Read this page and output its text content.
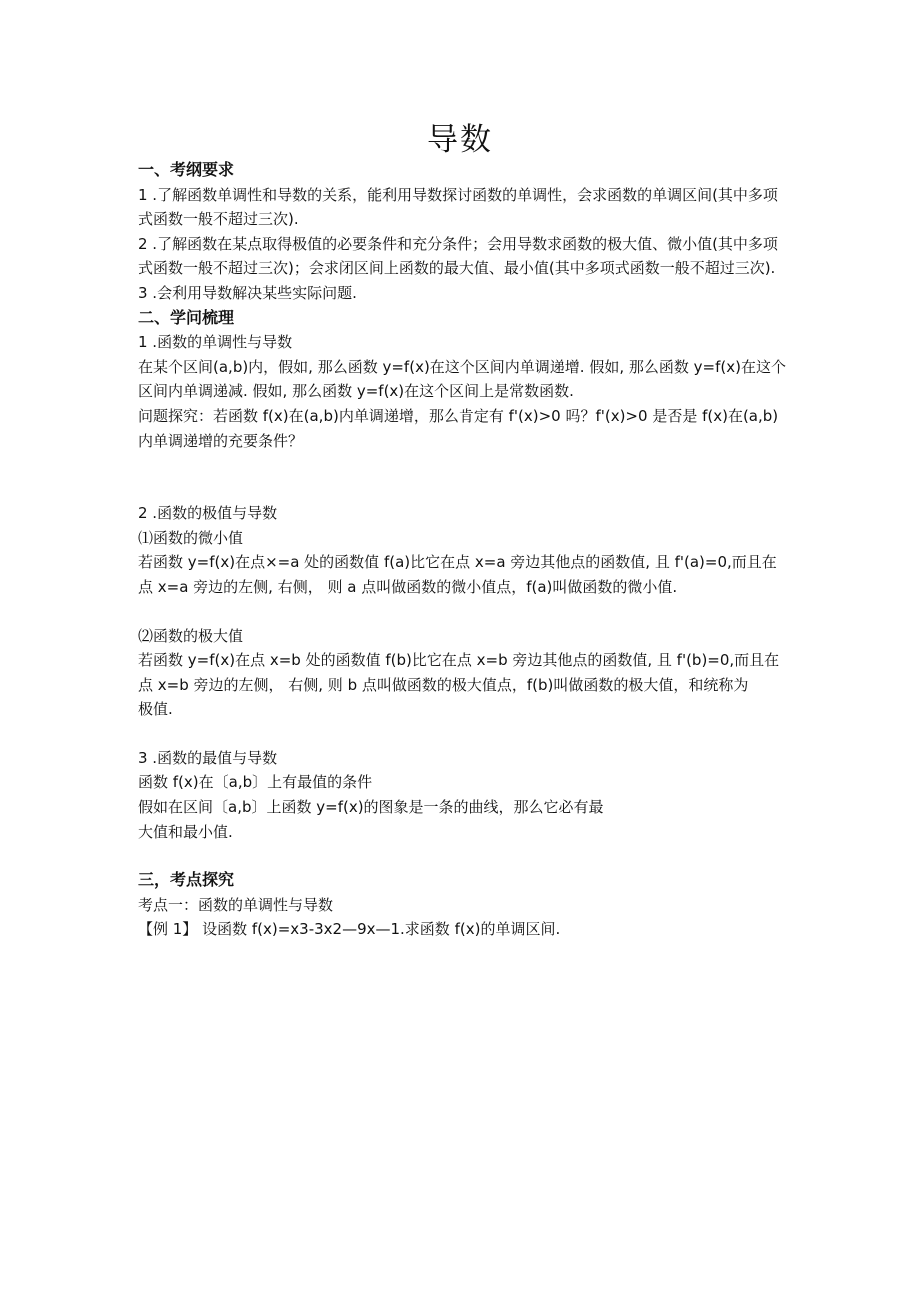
导数

一、考纲要求

1 .了解函数单调性和导数的关系，能利用导数探讨函数的单调性，会求函数的单调区间(其中多项式函数一般不超过三次).

2 .了解函数在某点取得极值的必要条件和充分条件；会用导数求函数的极大值、微小值(其中多项式函数一般不超过三次)；会求闭区间上函数的最大值、最小值(其中多项式函数一般不超过三次).

3 .会利用导数解决某些实际问题.

二、学问梳理

1 .函数的单调性与导数

在某个区间(a,b)内，假如, 那么函数 y=f(x)在这个区间内单调递增. 假如, 那么函数 y=f(x)在这个区间内单调递减. 假如, 那么函数 y=f(x)在这个区间上是常数函数.

问题探究：若函数 f(x)在(a,b)内单调递增，那么肯定有 f'(x)>0 吗？f'(x)>0 是否是 f(x)在(a,b)内单调递增的充要条件？

2 .函数的极值与导数

⑴函数的微小值

若函数 y=f(x)在点×=a 处的函数值 f(a)比它在点 x=a 旁边其他点的函数值, 且 f'(a)=0,而且在点 x=a 旁边的左侧, 右侧， 则 a 点叫做函数的微小值点，f(a)叫做函数的微小值.

⑵函数的极大值

若函数 y=f(x)在点 x=b 处的函数值 f(b)比它在点 x=b 旁边其他点的函数值, 且 f'(b)=0,而且在点 x=b 旁边的左侧， 右侧, 则 b 点叫做函数的极大值点，f(b)叫做函数的极大值，和统称为

极值.

3 .函数的最值与导数

函数 f(x)在〔a,b〕上有最值的条件

假如在区间〔a,b〕上函数 y=f(x)的图象是一条的曲线，那么它必有最

大值和最小值.

三，考点探究

考点一：函数的单调性与导数

【例 1】 设函数 f(x)=x3-3x2—9x—1.求函数 f(x)的单调区间.
